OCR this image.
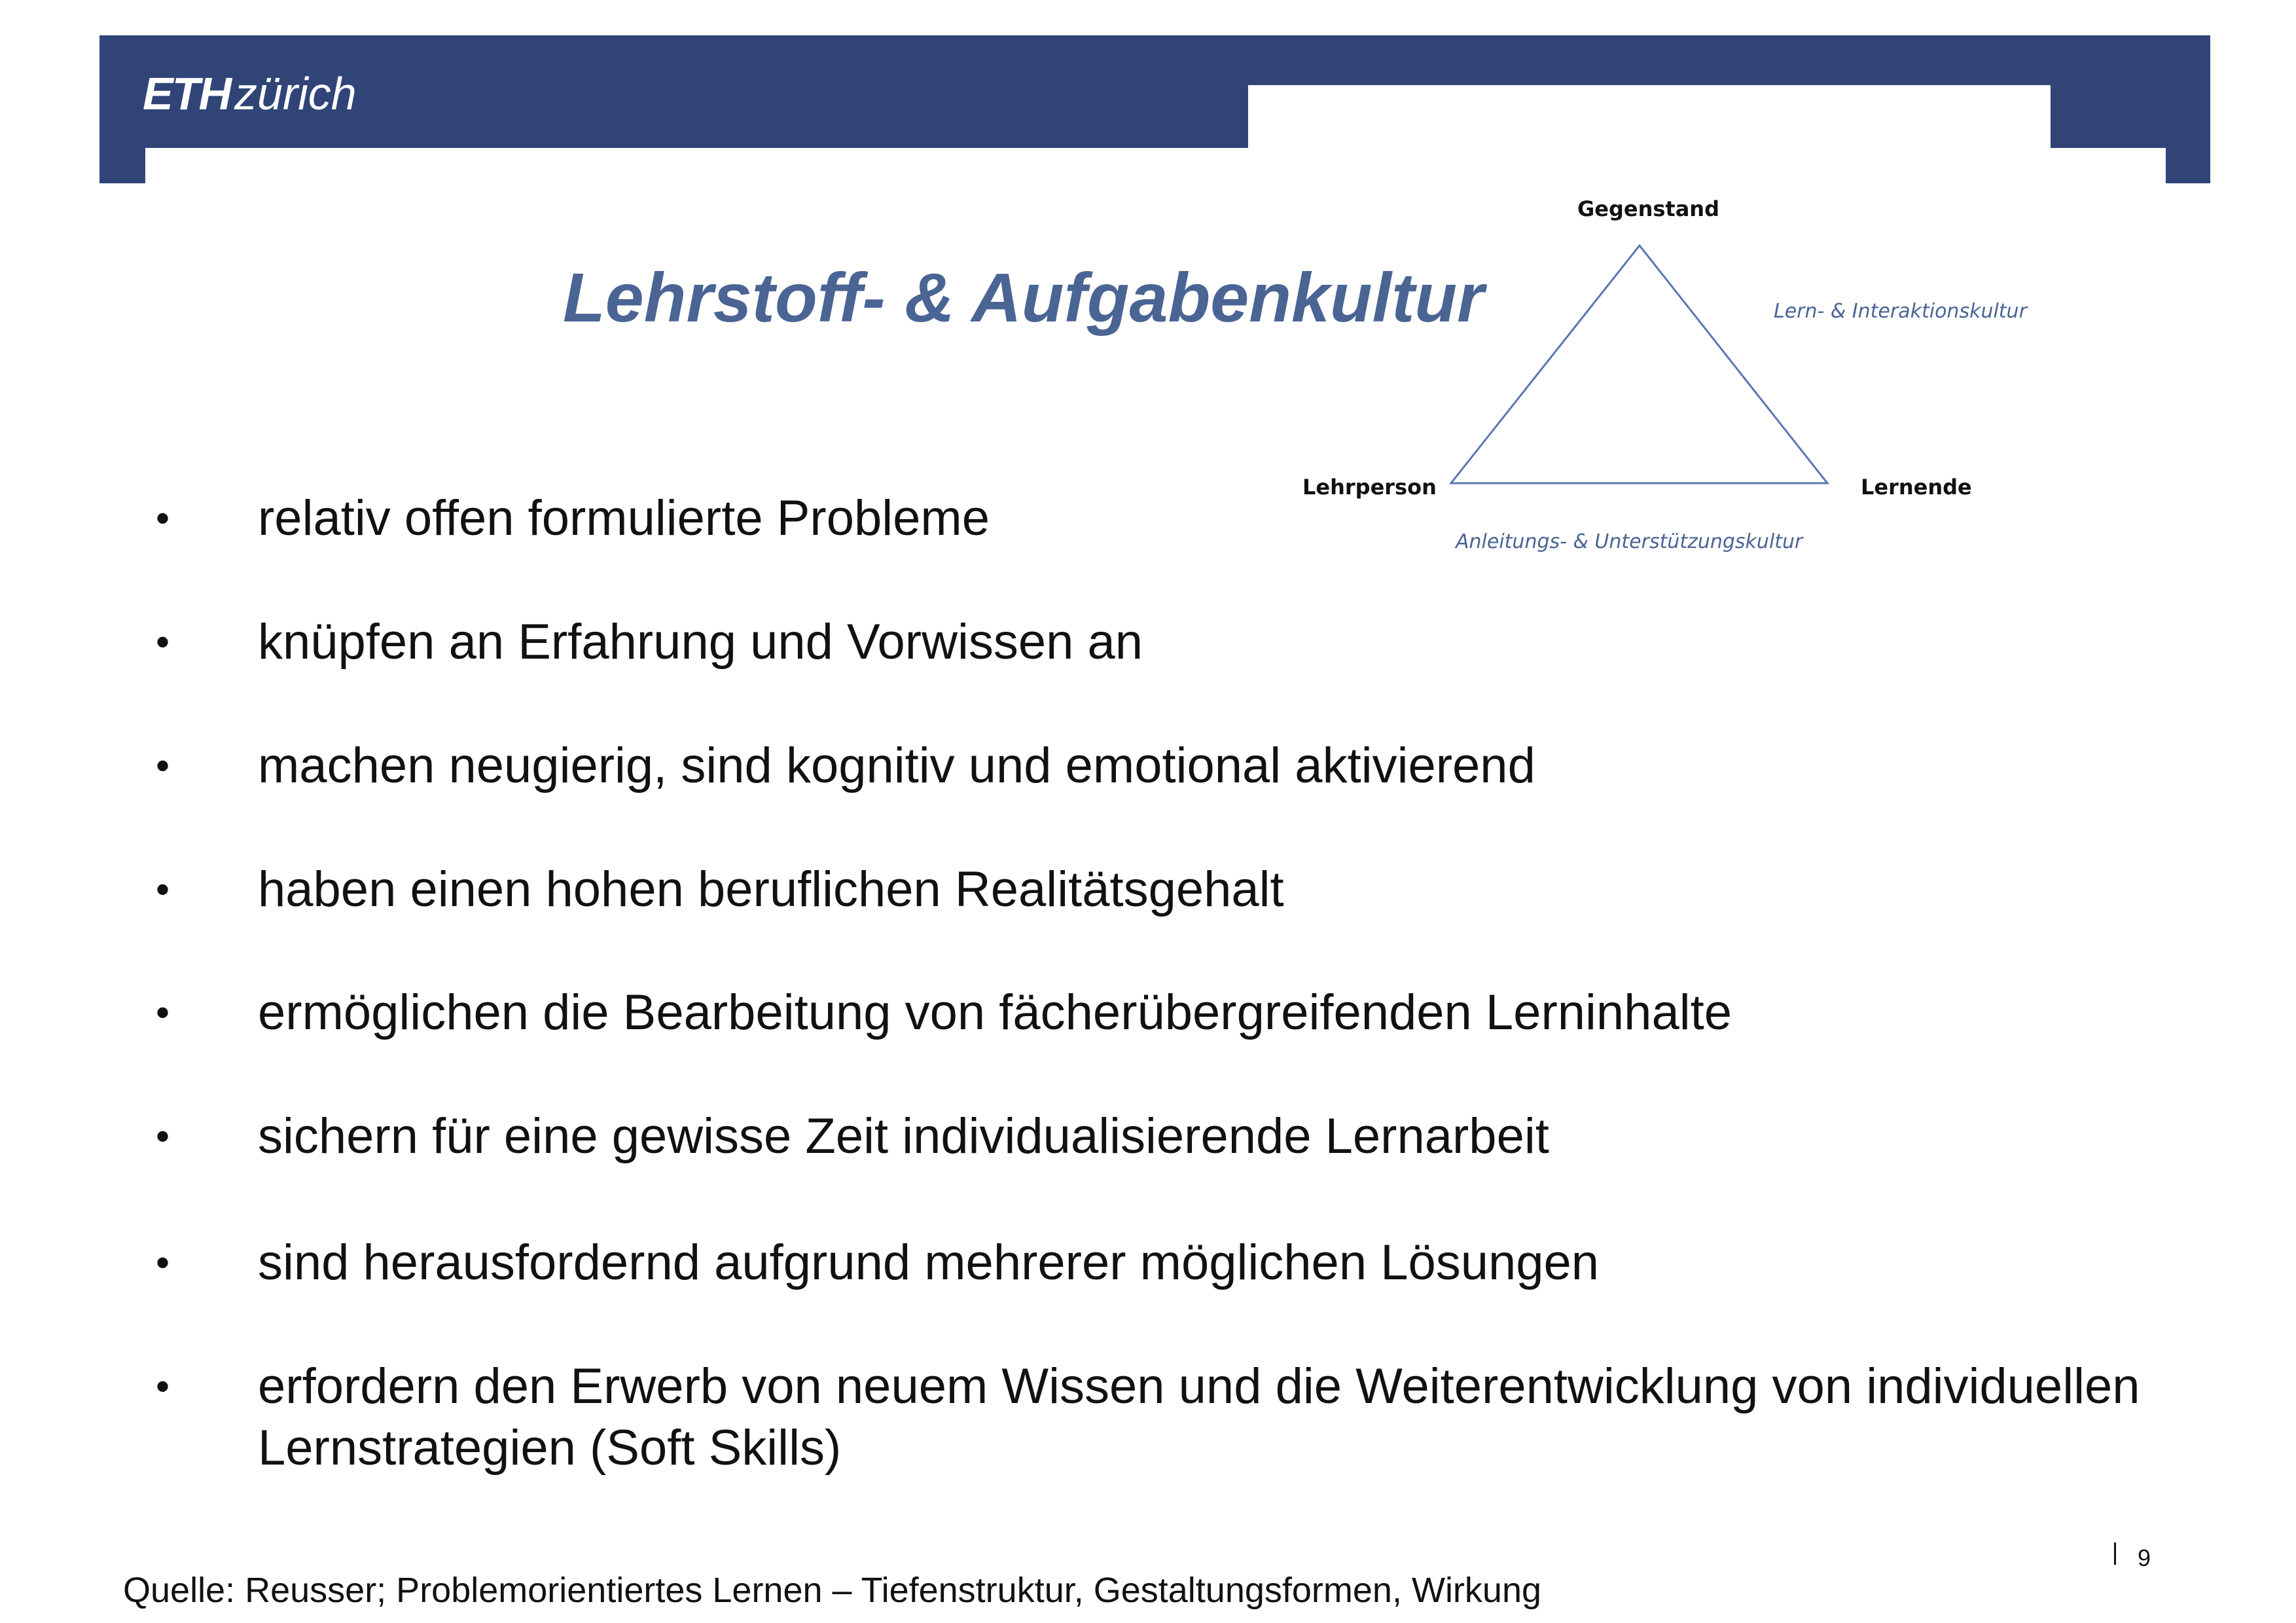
ETHzürich
Lehrstoff- & Aufgabenkultur
Gegenstand
Lehrperson	Lernende
Lern- & Interaktionskultur
Anleitungs- & Unterstützungskultur
• relativ offen formulierte Probleme
• knüpfen an Erfahrung und Vorwissen an
• machen neugierig, sind kognitiv und emotional aktivierend
• haben einen hohen beruflichen Realitätsgehalt
• ermöglichen die Bearbeitung von fächerübergreifenden Lerninhalte
• sichern für eine gewisse Zeit individualisierende Lernarbeit
• sind herausfordernd aufgrund mehrerer möglichen Lösungen
• erfordern den Erwerb von neuem Wissen und die Weiterentwicklung von individuellen Lernstrategien (Soft Skills)
9
Quelle: Reusser; Problemorientiertes Lernen – Tiefenstruktur, Gestaltungsformen, Wirkung
